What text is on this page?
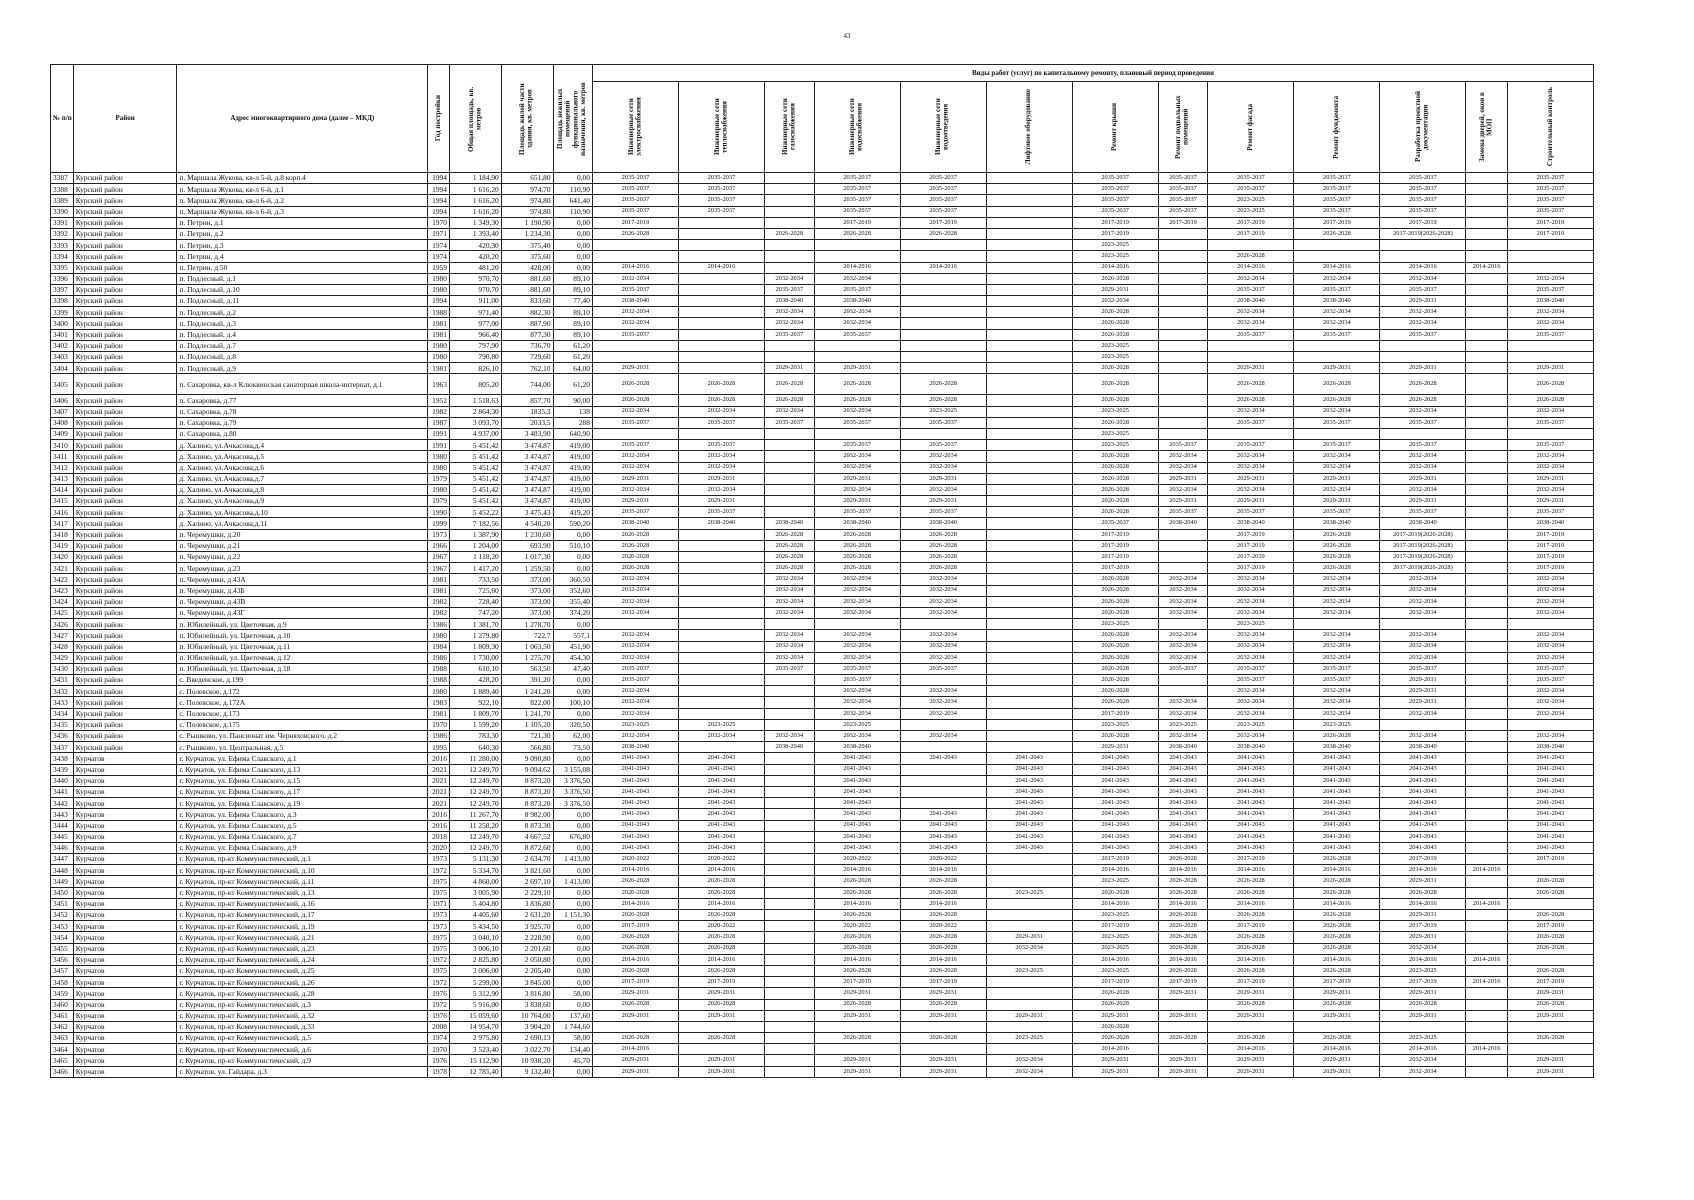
43
№ п/п	Район	Адрес многоквартирного дома (далее – МКД)	Год постройки	Общая площадь, кв. метров	Площадь жилой части здания, кв. метров	Площадь нежилых помещений функционального назначения, кв. метров	Виды работ (услуг) по капитальному ремонту, плановый период проведения												

							Инженерные сети электроснабжения	Инженерные сети теплоснабжения	Инженерные сети газоснабжения	Инженерные сети водоснабжения	Инженерные сети водоотведения	Лифтовое оборудование	Ремонт крыши	Ремонт подвальных помещений	Ремонт фасада	Ремонт фундамента	Разработка проектной документации	Замена дверей, окон в МОП	Строительный контроль

3387	Курский район	п. Маршала Жукова, кв-л 5-й, д.8 корп.4	1994	1 184,90	651,80	0,00	2035-2037	2035-2037		2035-2037	2035-2037		2035-2037	2035-2037	2035-2037	2035-2037	2035-2037		2035-2037
3388	Курский район	п. Маршала Жукова, кв-л 6-й, д.1	1994	1 616,20	974,70	110,90	2035-2037	2035-2037		2035-2037	2035-2037		2035-2037	2035-2037	2035-2037	2035-2037	2035-2037		2035-2037
3389	Курский район	п. Маршала Жукова, кв-л 6-й, д.2	1994	1 616,20	974,80	641,40	2035-2037	2035-2037		2035-2037	2035-2037		2035-2037	2035-2037	2023-2025	2035-2037	2035-2037		2035-2037
3390	Курский район	п. Маршала Жукова, кв-л 6-й, д.3	1994	1 616,20	974,80	110,90	2035-2037	2035-2037		2035-2037	2035-2037		2035-2037	2035-2037	2023-2025	2035-2037	2035-2037		2035-2037
3391	Курский район	п. Петрин, д.1	1970	1 349,30	1 190,90	0,00	2017-2019			2017-2019	2017-2019		2017-2019	2017-2019	2017-2019	2017-2019	2017-2019		2017-2019
3392	Курский район	п. Петрин, д.2	1971	1 393,40	1 234,30	0,00	2026-2028		2026-2028	2026-2028	2026-2028		2017-2019		2017-2019	2026-2028	2017-2019(2026-2028)		2017-2019
3393	Курский район	п. Петрин, д.3	1974	420,30	375,40	0,00							2023-2025						
3394	Курский район	п. Петрин, д.4	1974	420,20	375,60	0,00							2023-2025		2026-2028				
3395	Курский район	п. Петрин, д.50	1959	481,20	428,00	0,00	2014-2016	2014-2016		2014-2016	2014-2016		2014-2016		2014-2016	2014-2016	2014-2016	2014-2016	
3396	Курский район	п. Подлесный, д.1	1980	970,70	881,60	89,10	2032-2034		2032-2034	2032-2034			2026-2028		2032-2034	2032-2034	2032-2034		2032-2034
3397	Курский район	п. Подлесный, д.10	1980	970,70	881,60	89,10	2035-2037		2035-2037	2035-2037			2029-2031		2035-2037	2035-2037	2035-2037		2035-2037
3398	Курский район	п. Подлесный, д.11	1994	911,00	833,60	77,40	2038-2040		2038-2040	2038-2040			2032-2034		2038-2040	2038-2040	2029-2031		2038-2040
3399	Курский район	п. Подлесный, д.2	1988	971,40	882,30	89,10	2032-2034		2032-2034	2032-2034			2026-2028		2032-2034	2032-2034	2032-2034		2032-2034
3400	Курский район	п. Подлесный, д.3	1981	977,00	887,90	89,10	2032-2034		2032-2034	2032-2034			2026-2028		2032-2034	2032-2034	2032-2034		2032-2034
3401	Курский район	п. Подлесный, д.4	1981	966,40	877,30	89,10	2035-2037		2035-2037	2035-2037			2026-2028		2035-2037	2035-2037	2035-2037		2035-2037
3402	Курский район	п. Подлесный, д.7	1980	797,90	736,70	61,20							2023-2025						
3403	Курский район	п. Подлесный, д.8	1980	790,80	729,60	61,20							2023-2025						
3404	Курский район	п. Подлесный, д.9	1981	826,10	762,10	64,00	2029-2031		2029-2031	2029-2031			2026-2028		2029-2031	2029-2031	2029-2031		2029-2031
3405	Курский район	п. Сахаровка, кв-л Клюквинская санаторная школа-интернат, д.1	1963	805,20	744,00	61,20	2026-2028	2026-2028	2026-2028	2026-2028	2026-2028		2026-2028		2026-2028	2026-2028	2026-2028		2026-2028
3406	Курский район	п. Сахаровка, д.77	1952	1 518,63	857,70	90,00	2026-2028	2026-2028	2026-2028	2026-2028	2026-2028		2026-2028		2026-2028	2026-2028	2026-2028		2026-2028
3407	Курский район	п. Сахаровка, д.78	1982	2 864,30	1835,3	138	2032-2034	2032-2034	2032-2034	2032-2034	2023-2025		2023-2025		2032-2034	2032-2034	2032-2034		2032-2034
3408	Курский район	п. Сахаровка, д.79	1987	3 093,70	2033,5	288	2035-2037	2035-2037	2035-2037	2035-2037	2035-2037		2026-2028		2035-2037	2035-2037	2035-2037		2035-2037
3409	Курский район	п. Сахаровка, д.80	1991	4 937,00	3 483,90	640,90							2023-2025						
3410	Курский район	д. Халино, ул.Ачкасова,д.4	1991	5 451,42	3 474,87	419,00	2035-2037	2035-2037		2035-2037	2035-2037		2023-2025	2035-2037	2035-2037	2035-2037	2035-2037		2035-2037
3411	Курский район	д. Халино, ул.Ачкасова,д.5	1980	5 451,42	3 474,87	419,00	2032-2034	2032-2034		2032-2034	2032-2034		2026-2028	2032-2034	2032-2034	2032-2034	2032-2034		2032-2034
3412	Курский район	д. Халино, ул.Ачкасова,д.6	1980	5 451,42	3 474,87	419,00	2032-2034	2032-2034		2032-2034	2032-2034		2026-2028	2032-2034	2032-2034	2032-2034	2032-2034		2032-2034
3413	Курский район	д. Халино, ул.Ачкасова,д.7	1979	5 451,42	3 474,87	419,00	2029-2031	2029-2031		2029-2031	2029-2031		2026-2028	2029-2031	2029-2031	2029-2031	2029-2031		2029-2031
3414	Курский район	д. Халино, ул.Ачкасова,д.8	1980	5 451,42	3 474,87	419,00	2032-2034	2032-2034		2032-2034	2032-2034		2026-2028	2032-2034	2032-2034	2032-2034	2032-2034		2032-2034
3415	Курский район	д. Халино, ул.Ачкасова,д.9	1979	5 451,42	3 474,87	419,00	2029-2031	2029-2031		2029-2031	2029-2031		2026-2028	2029-2031	2029-2031	2029-2031	2029-2031		2029-2031
3416	Курский район	д. Халино, ул.Ачкасова,д.10	1990	5 452,22	3 475,43	419,20	2035-2037	2035-2037		2035-2037	2035-2037		2026-2028	2035-2037	2035-2037	2035-2037	2035-2037		2035-2037
3417	Курский район	д. Халино, ул.Ачкасова,д.11	1999	7 182,56	4 540,20	590,20	2038-2040	2038-2040	2038-2040	2038-2040	2038-2040		2035-2037	2038-2040	2038-2040	2038-2040	2038-2040		2038-2040
3418	Курский район	п. Черемушки, д.20	1973	1 387,90	1 230,60	0,00	2026-2028		2026-2028	2026-2028	2026-2028		2017-2019		2017-2019	2026-2028	2017-2019(2026-2028)		2017-2019
3419	Курский район	п. Черемушки, д.21	1966	1 204,00	693,90	510,10	2026-2028		2026-2028	2026-2028	2026-2028		2017-2019		2017-2019	2026-2028	2017-2019(2026-2028)		2017-2019
3420	Курский район	п. Черемушки, д.22	1967	1 118,20	1 017,30	0,00	2026-2028		2026-2028	2026-2028	2026-2028		2017-2019		2017-2019	2026-2028	2017-2019(2026-2028)		2017-2019
3421	Курский район	п. Черемушки, д.23	1967	1 417,20	1 259,50	0,00	2026-2028		2026-2028	2026-2028	2026-2028		2017-2019		2017-2019	2026-2028	2017-2019(2026-2028)		2017-2019
3422	Курский район	п. Черемушки, д.43А	1981	733,50	373,00	360,50	2032-2034		2032-2034	2032-2034	2032-2034		2026-2028	2032-2034	2032-2034	2032-2034	2032-2034		2032-2034
3423	Курский район	п. Черемушки, д.43Б	1981	725,60	373,00	352,60	2032-2034		2032-2034	2032-2034	2032-2034		2026-2028	2032-2034	2032-2034	2032-2034	2032-2034		2032-2034
3424	Курский район	п. Черемушки, д.43В	1982	728,40	373,00	355,40	2032-2034		2032-2034	2032-2034	2032-2034		2026-2028	2032-2034	2032-2034	2032-2034	2032-2034		2032-2034
3425	Курский район	п. Черемушки, д.43Г	1982	747,20	373,00	374,20	2032-2034		2032-2034	2032-2034	2032-2034		2026-2028	2032-2034	2032-2034	2032-2034	2032-2034		2032-2034
3426	Курский район	п. Юбилейный, ул. Цветочная, д.9	1986	1 381,70	1 278,70	0,00							2023-2025		2023-2025				
3427	Курский район	п. Юбилейный, ул. Цветочная, д.10	1980	1 279,80	722,7	557,1	2032-2034		2032-2034	2032-2034	2032-2034		2026-2028	2032-2034	2032-2034	2032-2034	2032-2034		2032-2034
3428	Курский район	п. Юбилейный, ул. Цветочная, д.11	1984	1 809,30	1 063,50	451,90	2032-2034		2032-2034	2032-2034	2032-2034		2026-2028	2032-2034	2032-2034	2032-2034	2032-2034		2032-2034
3429	Курский район	п. Юбилейный, ул. Цветочная, д.12	1986	1 730,00	1 275,70	454,30	2032-2034		2032-2034	2032-2034	2032-2034		2026-2028	2032-2034	2032-2034	2032-2034	2032-2034		2032-2034
3430	Курский район	п. Юбилейный, ул. Цветочная, д.18	1988	610,10	563,50	47,40	2035-2037		2035-2037	2035-2037	2035-2037		2026-2028	2035-2037	2035-2037	2035-2037	2035-2037		2035-2037
3431	Курский район	с. Введенское, д.199	1988	428,20	391,20	0,00	2035-2037			2035-2037			2026-2028		2035-2037	2035-2037	2029-2031		2035-2037
3432	Курский район	с. Полевское, д.172	1980	1 889,40	1 241,20	0,00	2032-2034			2032-2034	2032-2034		2026-2028		2032-2034	2032-2034	2029-2031		2032-2034
3433	Курский район	с. Полевское, д.172А	1983	922,10	822,00	100,10	2032-2034			2032-2034	2032-2034		2026-2028	2032-2034	2032-2034	2032-2034	2029-2031		2032-2034
3434	Курский район	с. Полевское, д.173	1981	1 809,70	1 241,70	0,00	2032-2034			2032-2034	2032-2034		2017-2019	2032-2034	2032-2034	2032-2034	2032-2034		2032-2034
3435	Курский район	с. Полевское, д.175	1970	1 599,20	1 105,20	320,50	2023-2025	2023-2025		2023-2025			2023-2025	2023-2025	2023-2025	2023-2025			
3436	Курский район	с. Рышково, ул. Пансионат им. Черняховского, д.2	1986	783,30	721,30	62,00	2032-2034	2032-2034	2032-2034	2032-2034	2032-2034		2026-2028	2032-2034	2032-2034	2026-2028	2032-2034		2032-2034
3437	Курский район	с. Рышково, ул. Центральная, д.5	1995	640,30	566,80	73,50	2038-2040		2038-2040	2038-2040			2029-2031	2038-2040	2038-2040	2038-2040	2038-2040		2038-2040
3438	Курчатов	г. Курчатов, ул. Ефима Славского, д.1	2016	11 280,00	9 090,80	0,00	2041-2043	2041-2043		2041-2043	2041-2043	2041-2043	2041-2043	2041-2043	2041-2043	2041-2043	2041-2043		2041-2043
3439	Курчатов	г. Курчатов, ул. Ефима Славского, д.13	2021	12 249,70	9 094,62	3 155,08	2041-2043	2041-2043		2041-2043		2041-2043	2041-2043	2041-2043	2041-2043	2041-2043	2041-2043		2041-2043
3440	Курчатов	г. Курчатов, ул. Ефима Славского, д.15	2021	12 249,70	8 873,20	3 376,50	2041-2043	2041-2043		2041-2043		2041-2043	2041-2043	2041-2043	2041-2043	2041-2043	2041-2043		2041-2043
3441	Курчатов	г. Курчатов, ул. Ефима Славского, д.17	2021	12 249,70	8 873,20	3 376,50	2041-2043	2041-2043		2041-2043		2041-2043	2041-2043	2041-2043	2041-2043	2041-2043	2041-2043		2041-2043
3442	Курчатов	г. Курчатов, ул. Ефима Славского, д.19	2021	12 249,70	8 873,20	3 376,50	2041-2043	2041-2043		2041-2043		2041-2043	2041-2043	2041-2043	2041-2043	2041-2043	2041-2043		2041-2043
3443	Курчатов	г. Курчатов, ул. Ефима Славского, д.3	2016	11 267,70	8 982,00	0,00	2041-2043	2041-2043		2041-2043	2041-2043	2041-2043	2041-2043	2041-2043	2041-2043	2041-2043	2041-2043		2041-2043
3444	Курчатов	г. Курчатов, ул. Ефима Славского, д.5	2016	11 258,20	8 873,30	0,00	2041-2043	2041-2043		2041-2043	2041-2043	2041-2043	2041-2043	2041-2043	2041-2043	2041-2043	2041-2043		2041-2043
3445	Курчатов	г. Курчатов, ул. Ефима Славского, д.7	2018	12 249,70	4 667,52	676,80	2041-2043	2041-2043		2041-2043	2041-2043	2041-2043	2041-2043	2041-2043	2041-2043	2041-2043	2041-2043		2041-2043
3446	Курчатов	г. Курчатов, ул. Ефима Славского, д.9	2020	12 249,70	8 872,60	0,00	2041-2043	2041-2043		2041-2043	2041-2043	2041-2043	2041-2043	2041-2043	2041-2043	2041-2043	2041-2043		2041-2043
3447	Курчатов	г. Курчатов, пр-кт Коммунистический, д.1	1973	5 131,30	2 634,70	1 413,00	2020-2022	2020-2022		2020-2022	2020-2022		2017-2019	2026-2028	2017-2019	2026-2028	2017-2019		2017-2019
3448	Курчатов	г. Курчатов, пр-кт Коммунистический, д.10	1972	5 334,70	3 821,60	0,00	2014-2016	2014-2016		2014-2016	2014-2016		2014-2016	2014-2016	2014-2016	2014-2016	2014-2016	2014-2016	
3449	Курчатов	г. Курчатов, пр-кт Коммунистический, д.11	1975	4 860,00	2 697,10	1 413,00	2026-2028	2026-2028		2026-2028	2026-2028		2023-2025	2026-2028	2026-2028	2026-2028	2029-2031		2026-2028
3450	Курчатов	г. Курчатов, пр-кт Коммунистический, д.13	1975	3 005,90	2 229,10	0,00	2026-2028	2026-2028		2026-2028	2026-2028	2023-2025	2026-2028	2026-2028	2026-2028	2026-2028	2026-2028		2026-2028
3451	Курчатов	г. Курчатов, пр-кт Коммунистический, д.16	1971	5 404,80	3 836,80	0,00	2014-2016	2014-2016		2014-2016	2014-2016		2014-2016	2014-2016	2014-2016	2014-2016	2014-2016	2014-2016	
3452	Курчатов	г. Курчатов, пр-кт Коммунистический, д.17	1973	4 405,60	2 631,20	1 151,30	2026-2028	2026-2028		2026-2028	2026-2028		2023-2025	2026-2028	2026-2028	2026-2028	2029-2031		2026-2028
3453	Курчатов	г. Курчатов, пр-кт Коммунистический, д.19	1973	5 434,50	3 925,70	0,00	2017-2019	2020-2022		2020-2022	2020-2022		2017-2019	2026-2028	2017-2019	2026-2028	2017-2019		2017-2019
3454	Курчатов	г. Курчатов, пр-кт Коммунистический, д.21	1975	3 040,10	2 228,90	0,00	2026-2028	2026-2028		2026-2028	2026-2028	2029-2031	2023-2025	2026-2028	2026-2028	2026-2028	2029-2031		2026-2028
3455	Курчатов	г. Курчатов, пр-кт Коммунистический, д.23	1975	3 006,10	2 201,60	0,00	2026-2028	2026-2028		2026-2028	2026-2028	2032-2034	2023-2025	2026-2028	2026-2028	2026-2028	2032-2034		2026-2028
3456	Курчатов	г. Курчатов, пр-кт Коммунистический, д.24	1972	2 825,80	2 050,80	0,00	2014-2016	2014-2016		2014-2016	2014-2016		2014-2016	2014-2016	2014-2016	2014-2016	2014-2016	2014-2016	
3457	Курчатов	г. Курчатов, пр-кт Коммунистический, д.25	1975	3 006,00	2 205,40	0,00	2026-2028	2026-2028		2026-2028	2026-2028	2023-2025	2023-2025	2026-2028	2026-2028	2026-2028	2023-2025		2026-2028
3458	Курчатов	г. Курчатов, пр-кт Коммунистический, д.26	1972	5 299,00	3 845,00	0,00	2017-2019	2017-2019		2017-2019	2017-2019		2017-2019	2017-2019	2017-2019	2017-2019	2017-2019	2014-2016	2017-2019
3459	Курчатов	г. Курчатов, пр-кт Коммунистический, д.28	1976	5 312,90	3 816,80	58,00	2029-2031	2029-2031		2029-2031	2029-2031		2026-2028	2029-2031	2029-2031	2029-2031	2029-2031		2029-2031
3460	Курчатов	г. Курчатов, пр-кт Коммунистический, д.3	1972	5 916,00	3 838,60	0,00	2026-2028	2026-2028		2026-2028	2026-2028		2026-2028		2026-2028	2026-2028	2026-2028		2026-2028
3461	Курчатов	г. Курчатов, пр-кт Коммунистический, д.32	1976	15 059,60	10 764,00	137,60	2029-2031	2029-2031		2029-2031	2029-2031	2029-2031	2029-2031	2029-2031	2029-2031	2029-2031	2029-2031		2029-2031
3462	Курчатов	г. Курчатов, пр-кт Коммунистический, д.33	2008	14 954,70	3 904,20	1 744,60							2026-2028						
3463	Курчатов	г. Курчатов, пр-кт Коммунистический, д.5	1974	2 975,80	2 690,13	58,00	2026-2028	2026-2028		2026-2028	2026-2028	2023-2025	2026-2028	2026-2028	2026-2028	2026-2028	2023-2025		2026-2028
3464	Курчатов	г. Курчатов, пр-кт Коммунистический, д.6	1970	3 523,40	3 022,70	134,40	2014-2016						2014-2016		2014-2016	2014-2016	2014-2016	2014-2016	
3465	Курчатов	г. Курчатов, пр-кт Коммунистический, д.9	1976	15 112,90	10 938,20	45,70	2029-2031	2029-2031		2029-2031	2029-2031	2032-2034	2029-2031	2029-2031	2029-2031	2029-2031	2032-2034		2029-2031
3466	Курчатов	г. Курчатов, ул. Гайдара, д.3	1978	12 785,40	9 132,40	0,00	2029-2031	2029-2031		2029-2031	2029-2031	2032-2034	2029-2031	2029-2031	2029-2031	2029-2031	2032-2034		2029-2031
